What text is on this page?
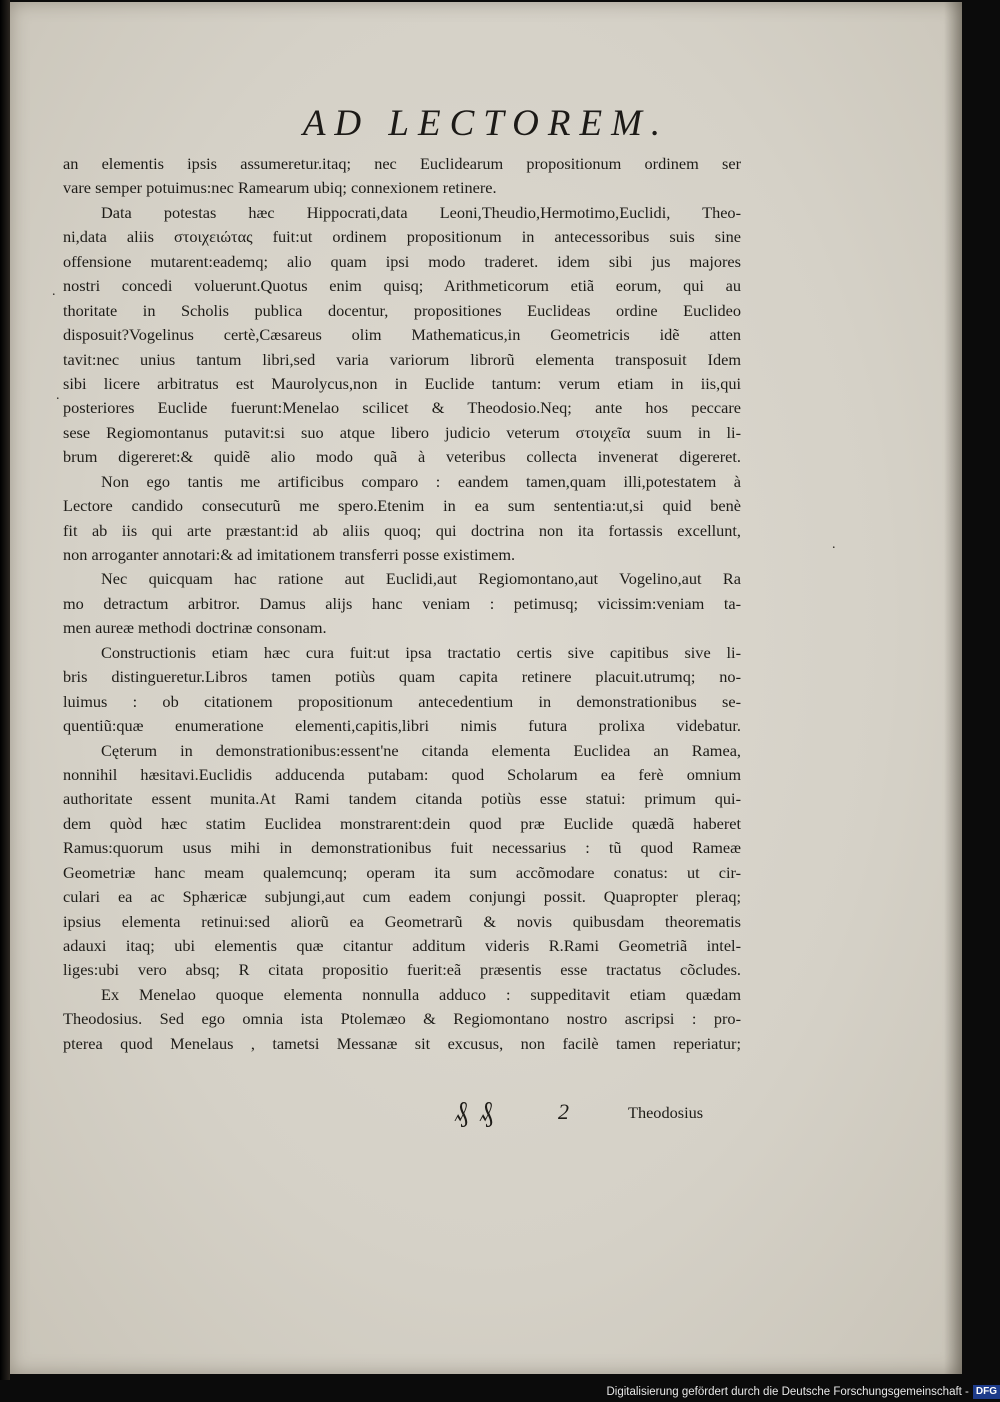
AD LECTOREM.
an elementis ipsis assumeretur.itaq; nec Euclidearum propositionum ordinem ser
vare semper potuimus:nec Ramearum ubiq; connexionem retinere.
Data potestas hæc Hippocrati,data Leoni,Theudio,Hermotimo,Euclidi, Theo-
ni,data aliis στοιχειώτας fuit:ut ordinem propositionum in antecessoribus suis sine
offensione mutarent:eademq; alio quam ipsi modo traderet. idem sibi jus majores
nostri concedi voluerunt.Quotus enim quisq; Arithmeticorum etiã eorum, qui au
thoritate in Scholis publica docentur, propositiones Euclideas ordine Euclideo
disposuit?Vogelinus certè,Cæsareus olim Mathematicus,in Geometricis idẽ atten
tavit:nec unius tantum libri,sed varia variorum librorũ elementa transposuit Idem
sibi licere arbitratus est Maurolycus,non in Euclide tantum: verum etiam in iis,qui
posteriores Euclide fuerunt:Menelao scilicet & Theodosio.Neq; ante hos peccare
sese Regiomontanus putavit:si suo atque libero judicio veterum στοιχεῖα suum in li-
brum digereret:& quidẽ alio modo quã à veteribus collecta invenerat digereret.
Non ego tantis me artificibus comparo : eandem tamen,quam illi,potestatem à
Lectore candido consecuturũ me spero.Etenim in ea sum sententia:ut,si quid benè
fit ab iis qui arte præstant:id ab aliis quoq; qui doctrina non ita fortassis excellunt,
non arroganter annotari:& ad imitationem transferri posse existimem.
Nec quicquam hac ratione aut Euclidi,aut Regiomontano,aut Vogelino,aut Ra
mo detractum arbitror. Damus alijs hanc veniam : petimusq; vicissim:veniam ta-
men aureæ methodi doctrinæ consonam.
Constructionis etiam hæc cura fuit:ut ipsa tractatio certis sive capitibus sive li-
bris distingueretur.Libros tamen potiùs quam capita retinere placuit.utrumq; no-
luimus : ob citationem propositionum antecedentium in demonstrationibus se-
quentiũ:quæ enumeratione elementi,capitis,libri nimis futura prolixa videbatur.
Cęterum in demonstrationibus:essent'ne citanda elementa Euclidea an Ramea,
nonnihil hæsitavi.Euclidis adducenda putabam: quod Scholarum ea ferè omnium
authoritate essent munita.At Rami tandem citanda potiùs esse statui: primum qui-
dem quòd hæc statim Euclidea monstrarent:dein quod præ Euclide quædã haberet
Ramus:quorum usus mihi in demonstrationibus fuit necessarius : tũ quod Rameæ
Geometriæ hanc meam qualemcunq; operam ita sum accõmodare conatus: ut cir-
culari ea ac Sphæricæ subjungi,aut cum eadem conjungi possit. Quapropter pleraq;
ipsius elementa retinui:sed aliorũ ea Geometrarũ & novis quibusdam theorematis
adauxi itaq; ubi elementis quæ citantur additum videris R.Rami Geometriã intel-
liges:ubi vero absq; R citata propositio fuerit:eã præsentis esse tractatus cõcludes.
Ex Menelao quoque elementa nonnulla adduco : suppeditavit etiam quædam
Theodosius. Sed ego omnia ista Ptolemæo & Regiomontano nostro ascripsi : pro-
pterea quod Menelaus , tametsi Messanæ sit excusus, non facilè tamen reperiatur;
₰ ₰	2	Theodosius
.
.
.
Digitalisierung gefördert durch die Deutsche Forschungsgemeinschaft - DFG
